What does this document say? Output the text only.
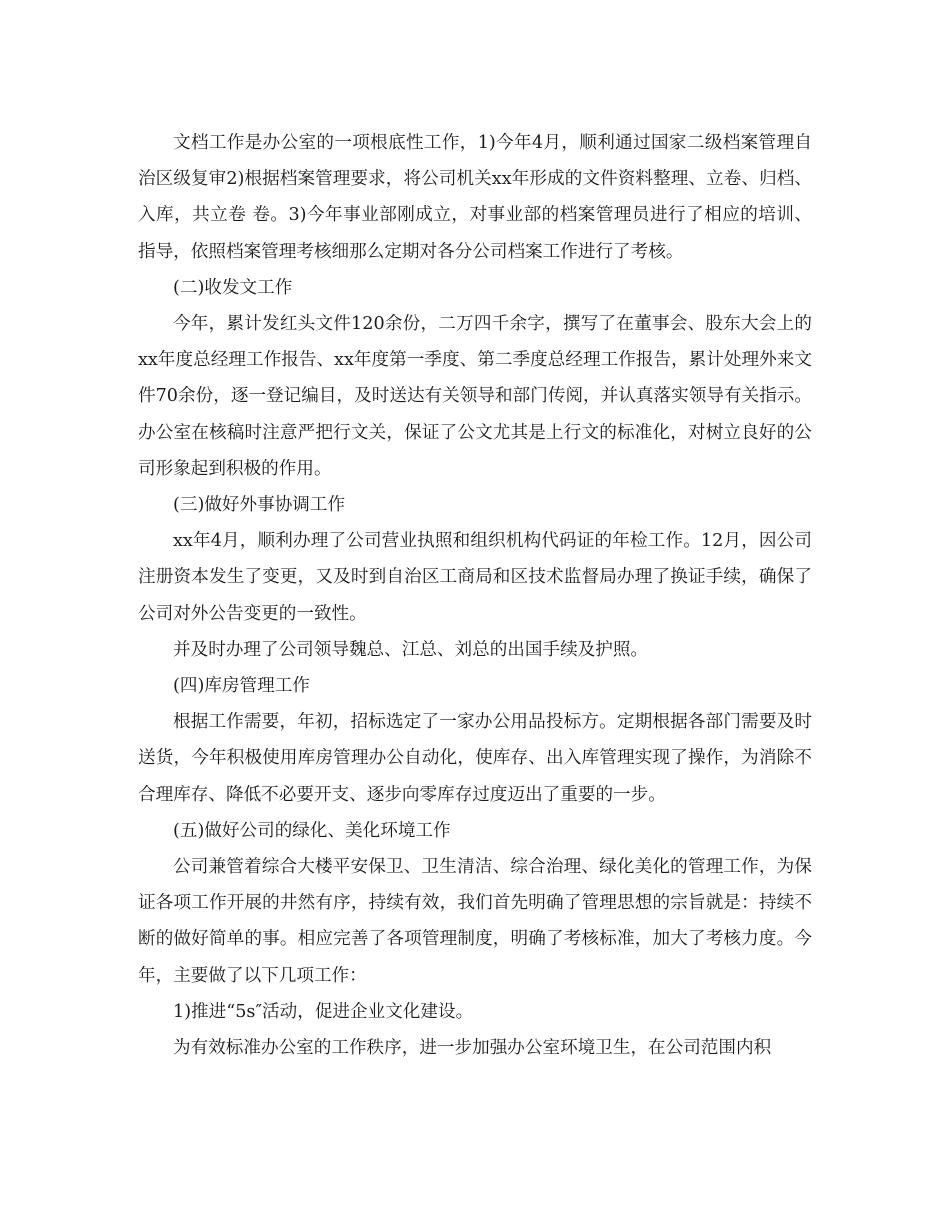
文档工作是办公室的一项根底性工作，1)今年4月，顺利通过国家二级档案管理自治区级复审2)根据档案管理要求，将公司机关xx年形成的文件资料整理、立卷、归档、入库，共立卷 卷。3)今年事业部刚成立，对事业部的档案管理员进行了相应的培训、指导，依照档案管理考核细那么定期对各分公司档案工作进行了考核。

(二)收发文工作

今年，累计发红头文件120余份，二万四千余字，撰写了在董事会、股东大会上的xx年度总经理工作报告、xx年度第一季度、第二季度总经理工作报告，累计处理外来文件70余份，逐一登记编目，及时送达有关领导和部门传阅，并认真落实领导有关指示。办公室在核稿时注意严把行文关，保证了公文尤其是上行文的标准化，对树立良好的公司形象起到积极的作用。

(三)做好外事协调工作

xx年4月，顺利办理了公司营业执照和组织机构代码证的年检工作。12月，因公司注册资本发生了变更，又及时到自治区工商局和区技术监督局办理了换证手续，确保了公司对外公告变更的一致性。

并及时办理了公司领导魏总、江总、刘总的出国手续及护照。

(四)库房管理工作

根据工作需要，年初，招标选定了一家办公用品投标方。定期根据各部门需要及时送货，今年积极使用库房管理办公自动化，使库存、出入库管理实现了操作，为消除不合理库存、降低不必要开支、逐步向零库存过度迈出了重要的一步。

(五)做好公司的绿化、美化环境工作

公司兼管着综合大楼平安保卫、卫生清洁、综合治理、绿化美化的管理工作，为保证各项工作开展的井然有序，持续有效，我们首先明确了管理思想的宗旨就是：持续不断的做好简单的事。相应完善了各项管理制度，明确了考核标准，加大了考核力度。今年，主要做了以下几项工作：

1)推进“5s″活动，促进企业文化建设。

为有效标准办公室的工作秩序，进一步加强办公室环境卫生，在公司范围内积
